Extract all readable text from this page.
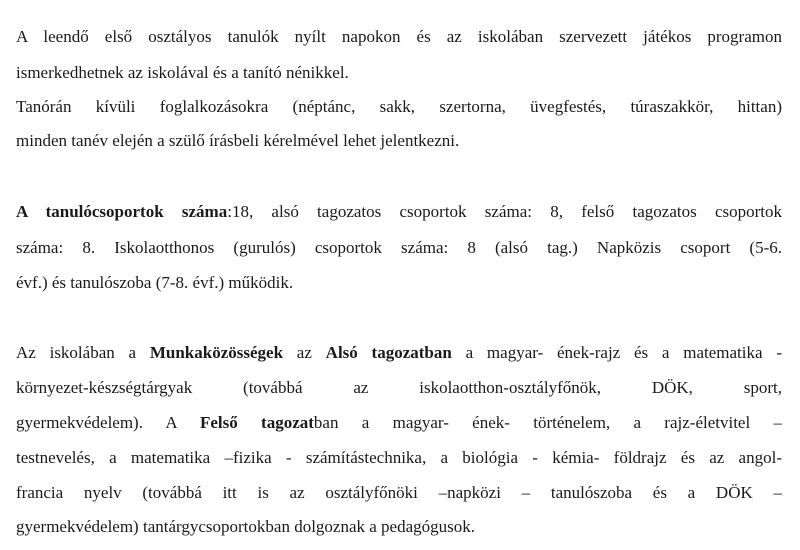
A leendő első osztályos tanulók nyílt napokon és az iskolában szervezett játékos programon
ismerkedhetnek az iskolával és a tanító nénikkel.
Tanórán kívüli foglalkozásokra (néptánc, sakk, szertorna, üvegfestés, túraszakkör, hittan)
minden tanév elején a szülő írásbeli kérelmével lehet jelentkezni.
A tanulócsoportok száma:18, alsó tagozatos csoportok száma: 8, felső tagozatos csoportok
száma: 8. Iskolaotthonos (gurulós) csoportok száma: 8 (alsó tag.) Napközis csoport (5-6.
évf.) és tanulószoba (7-8. évf.) működik.
Az iskolában a Munkaközösségek az Alsó tagozatban a magyar- ének-rajz és a matematika -
környezet-készségtárgyak (továbbá az iskolaotthon-osztályfőnök, DÖK, sport,
gyermekvédelem). A Felső tagozatban a magyar- ének- történelem, a rajz-életvitel –
testnevelés, a matematika –fizika - számítástechnika, a biológia - kémia- földrajz és az angol-
francia nyelv (továbbá itt is az osztályfőnöki –napközi – tanulószoba és a DÖK –
gyermekvédelem) tantárgycsoportokban dolgoznak a pedagógusok.
